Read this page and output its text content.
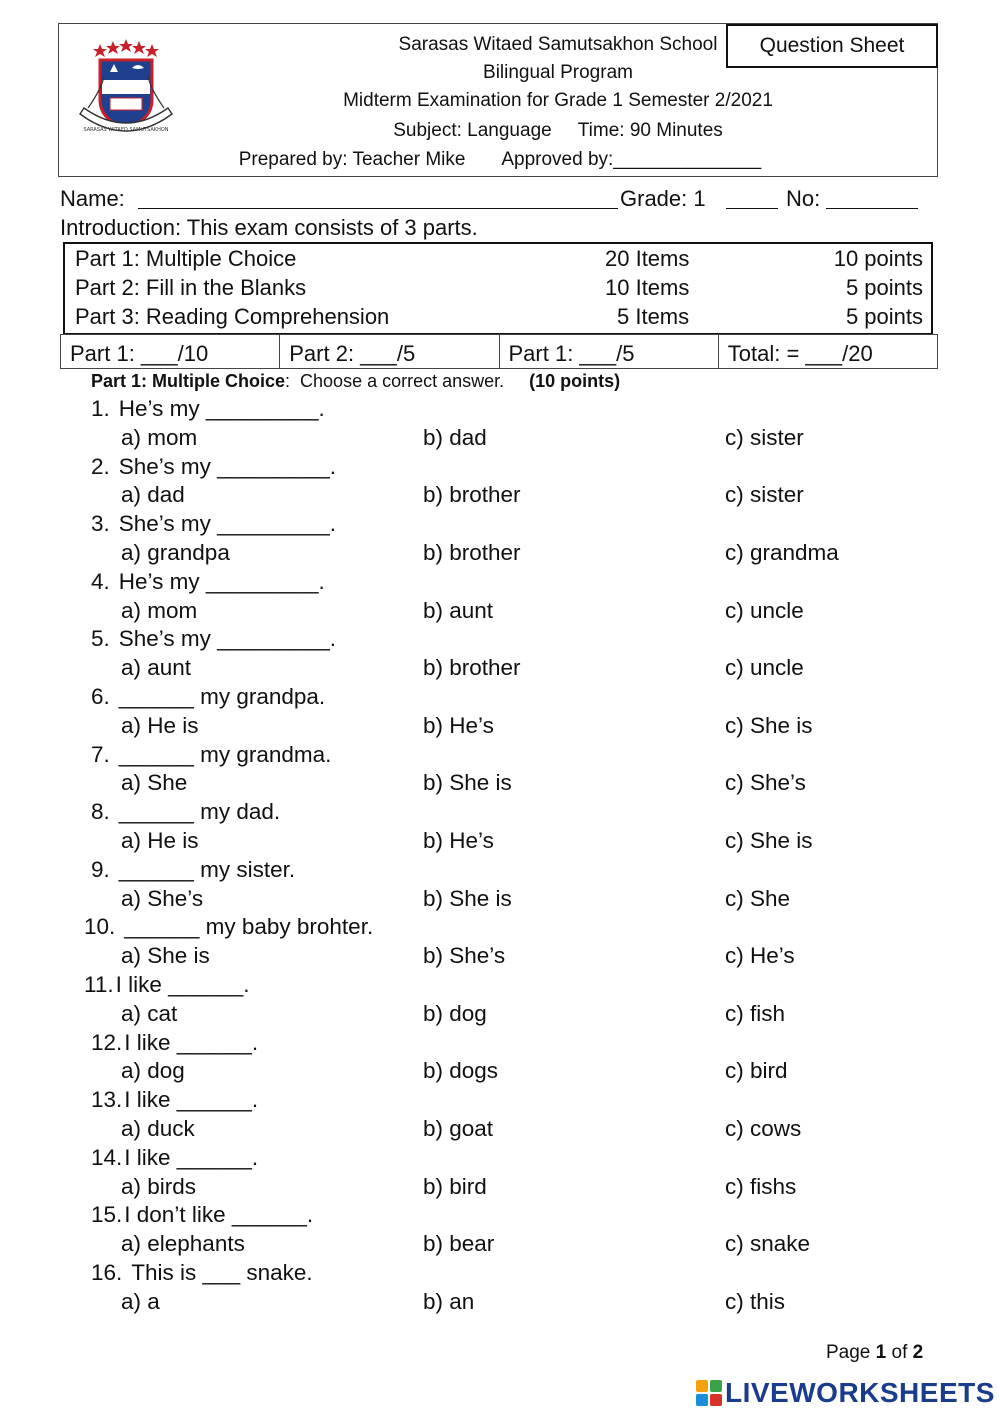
Question Sheet
SARASAS WITAED SAMUTSAKHON
Sarasas Witaed Samutsakhon School
Bilingual Program
Midterm Examination for Grade 1 Semester 2/2021
Subject: Language     Time: 90 Minutes
Prepared by: Teacher Mike       Approved by:______________
Name:	Grade: 1	No:
Introduction: This exam consists of 3 parts.
Part 1: Multiple Choice	20 Items	10 points
Part 2: Fill in the Blanks	10 Items	5 points
Part 3: Reading Comprehension	5 Items	5 points
Part 1: ___/10	Part 2: ___/5	Part 1: ___/5	Total: = ___/20
Part 1: Multiple Choice:  Choose a correct answer. (10 points)
1. He’s my _________.
a) mom	b) dad	c) sister
2. She’s my _________.
a) dad	b) brother	c) sister
3. She’s my _________.
a) grandpa	b) brother	c) grandma
4. He’s my _________.
a) mom	b) aunt	c) uncle
5. She’s my _________.
a) aunt	b) brother	c) uncle
6. ______ my grandpa.
a) He is	b) He’s	c) She is
7. ______ my grandma.
a) She	b) She is	c) She’s
8. ______ my dad.
a) He is	b) He’s	c) She is
9. ______ my sister.
a) She’s	b) She is	c) She
10. ______ my baby brohter.
a) She is	b) She’s	c) He’s
11.I like ______.
a) cat	b) dog	c) fish
12.I like ______.
a) dog	b) dogs	c) bird
13.I like ______.
a) duck	b) goat	c) cows
14.I like ______.
a) birds	b) bird	c) fishs
15.I don’t like ______.
a) elephants	b) bear	c) snake
16. This is ___ snake.
a) a	b) an	c) this
Page 1 of 2
LIVEWORKSHEETS
